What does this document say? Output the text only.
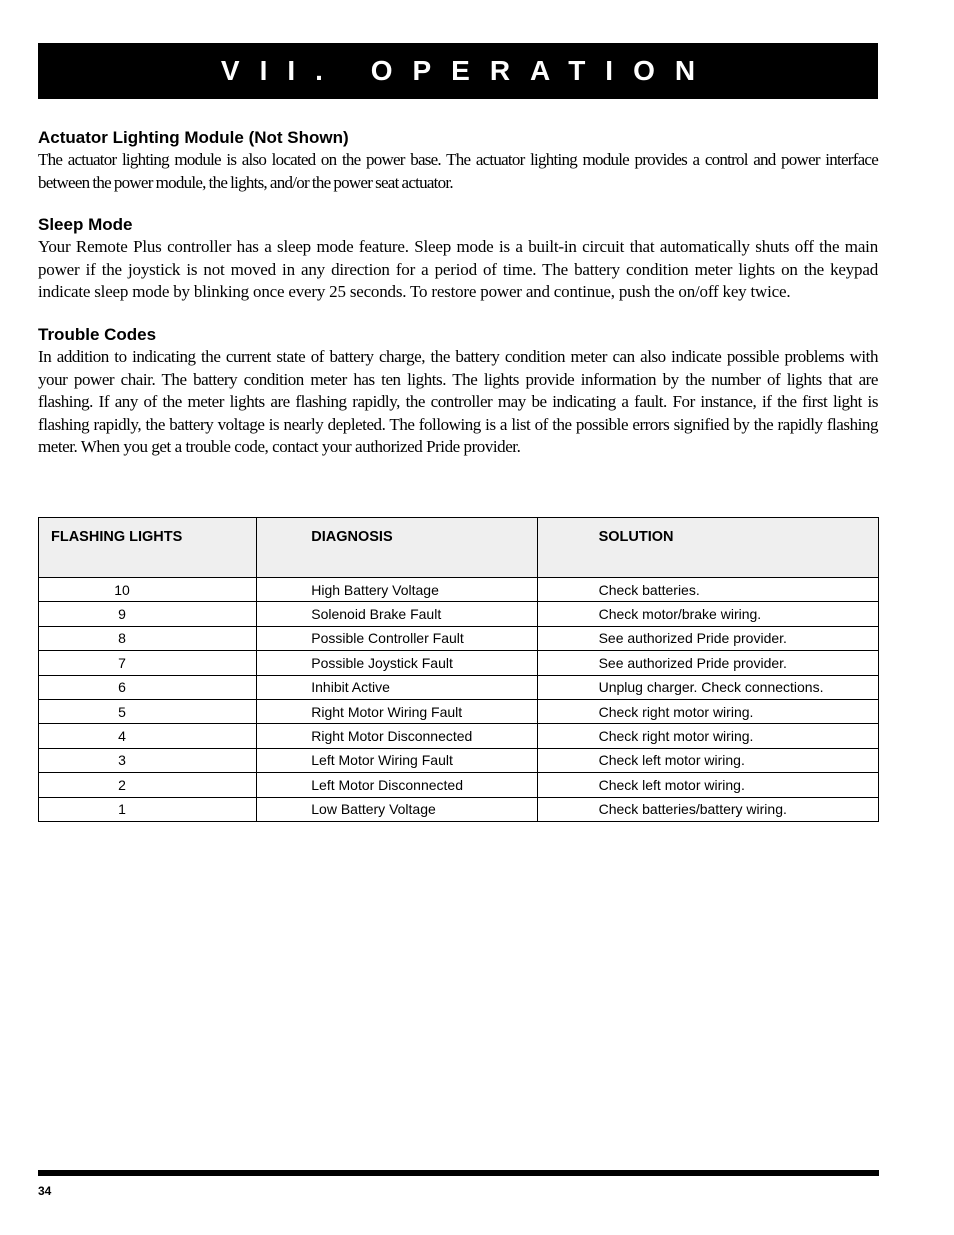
VII. OPERATION
Actuator Lighting Module (Not Shown)

The actuator lighting module is also located on the power base. The actuator lighting module provides a control and power interface between the power module, the lights, and/or the power seat actuator.

Sleep Mode

Your Remote Plus controller has a sleep mode feature. Sleep mode is a built-in circuit that automatically shuts off the main power if the joystick is not moved in any direction for a period of time. The battery condition meter lights on the keypad indicate sleep mode by blinking once every 25 seconds. To restore power and continue, push the on/off key twice.

Trouble Codes

In addition to indicating the current state of battery charge, the battery condition meter can also indicate possible problems with your power chair. The battery condition meter has ten lights. The lights provide information by the number of lights that are flashing. If any of the meter lights are flashing rapidly, the controller may be indicating a fault. For instance, if the first light is flashing rapidly, the battery voltage is nearly depleted. The following is a list of the possible errors signified by the rapidly flashing meter. When you get a trouble code, contact your authorized Pride provider.

FLASHING LIGHTS	DIAGNOSIS	SOLUTION

10	High Battery Voltage	Check batteries.

9	Solenoid Brake Fault	Check motor/brake wiring.

8	Possible Controller Fault	See authorized Pride provider.

7	Possible Joystick Fault	See authorized Pride provider.

6	Inhibit Active	Unplug charger. Check connections.

5	Right Motor Wiring Fault	Check right motor wiring.

4	Right Motor Disconnected	Check right motor wiring.

3	Left Motor Wiring Fault	Check left motor wiring.

2	Left Motor Disconnected	Check left motor wiring.

1	Low Battery Voltage	Check batteries/battery wiring.
34
